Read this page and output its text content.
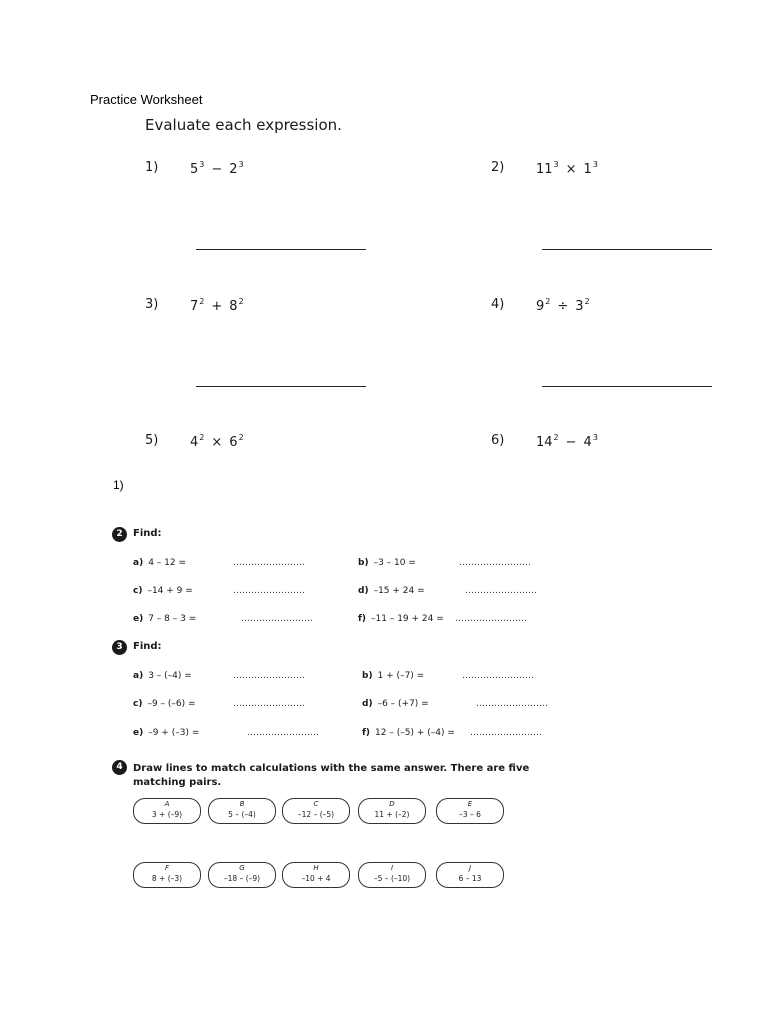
Practice Worksheet
Evaluate each expression.
1) $5^3 - 2^3$	2) $11^3 \times 1^3$
3) $7^2 + 8^2$	4) $9^2 \div 3^2$
5) $4^2 \times 6^2$	6) $14^2 - 4^3$
1)
2	Find:
a) 4 – 12 =	……………………	b) –3 – 10 =	……………………
c) –14 + 9 =	……………………	d) –15 + 24 =	……………………
e) 7 – 8 – 3 =	……………………	f) –11 – 19 + 24 = ……………………
3	Find:
a) 3 – (–4) =	……………………	b) 1 + (–7) =	……………………
c) –9 – (–6) =	……………………	d) –6 – (+7) =	……………………
e) –9 + (–3) =	……………………	f) 12 – (–5) + (–4) = ……………………
4	Draw lines to match calculations with the same answer. There are five matching pairs.
A
3 + (–9)
B
5 – (–4)
C
–12 – (–5)
D
11 + (–2)
E
–3 – 6
F
8 + (–3)
G
–18 – (–9)
H
–10 + 4
I
–5 – (–10)
J
6 – 13
